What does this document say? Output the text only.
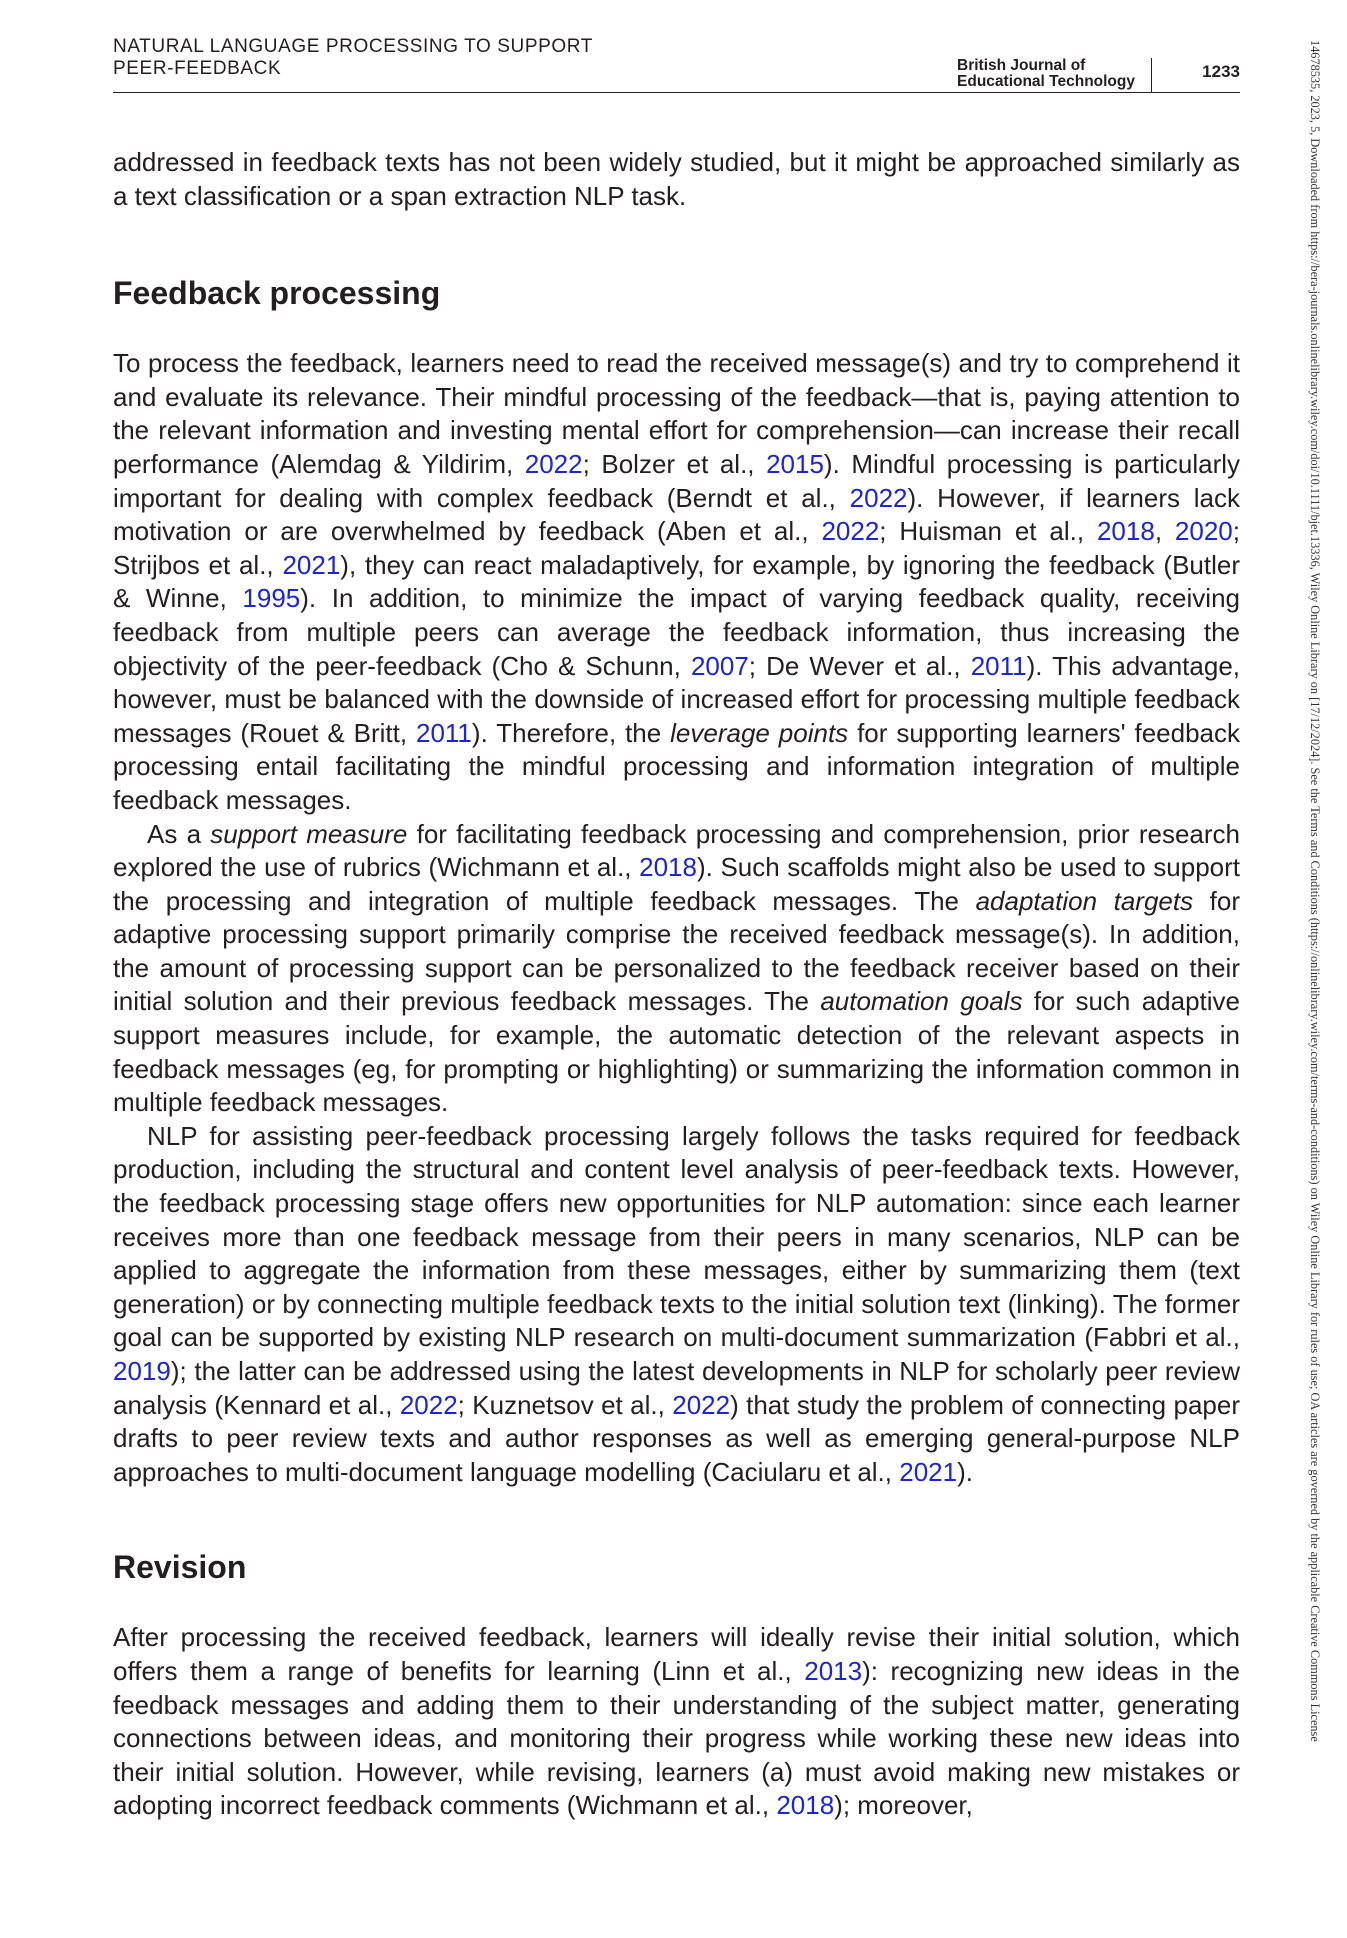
NATURAL LANGUAGE PROCESSING TO SUPPORT
PEER-FEEDBACK	British Journal of
Educational Technology
1233	14678535, 2023, 5, Downloaded from https://bera-journals.onlinelibrary.wiley.com/doi/10.1111/bjet.13336, Wiley Online Library on [17/12/2024]. See the Terms and Conditions (https://onlinelibrary.wiley.com/terms-and-conditions) on Wiley Online Library for rules of use; OA articles are governed by the applicable Creative Commons License

addressed in feedback texts has not been widely studied, but it might be approached similarly as a text classification or a span extraction NLP task.

Feedback processing

To process the feedback, learners need to read the received message(s) and try to comprehend it and evaluate its relevance. Their mindful processing of the feedback—that is, paying attention to the relevant information and investing mental effort for comprehension—can increase their recall performance (Alemdag & Yildirim, 2022; Bolzer et al., 2015). Mindful processing is particularly important for dealing with complex feedback (Berndt et al., 2022). However, if learners lack motivation or are overwhelmed by feedback (Aben et al., 2022; Huisman et al., 2018, 2020; Strijbos et al., 2021), they can react maladaptively, for example, by ignoring the feedback (Butler & Winne, 1995). In addition, to minimize the impact of varying feedback quality, receiving feedback from multiple peers can average the feedback information, thus increasing the objectivity of the peer-feedback (Cho & Schunn, 2007; De Wever et al., 2011). This advantage, however, must be balanced with the downside of increased effort for processing multiple feedback messages (Rouet & Britt, 2011). Therefore, the leverage points for supporting learners' feedback processing entail facilitating the mindful processing and information integration of multiple feedback messages.

As a support measure for facilitating feedback processing and comprehension, prior research explored the use of rubrics (Wichmann et al., 2018). Such scaffolds might also be used to support the processing and integration of multiple feedback messages. The adaptation targets for adaptive processing support primarily comprise the received feedback message(s). In addition, the amount of processing support can be personalized to the feedback receiver based on their initial solution and their previous feedback messages. The automation goals for such adaptive support measures include, for example, the automatic detection of the relevant aspects in feedback messages (eg, for prompting or highlighting) or summarizing the information common in multiple feedback messages.

NLP for assisting peer-feedback processing largely follows the tasks required for feedback production, including the structural and content level analysis of peer-feedback texts. However, the feedback processing stage offers new opportunities for NLP automation: since each learner receives more than one feedback message from their peers in many scenarios, NLP can be applied to aggregate the information from these messages, either by summarizing them (text generation) or by connecting multiple feedback texts to the initial solution text (linking). The former goal can be supported by existing NLP research on multi-document summarization (Fabbri et al., 2019); the latter can be addressed using the latest developments in NLP for scholarly peer review analysis (Kennard et al., 2022; Kuznetsov et al., 2022) that study the problem of connecting paper drafts to peer review texts and author responses as well as emerging general-purpose NLP approaches to multi-document language modelling (Caciularu et al., 2021).

Revision

After processing the received feedback, learners will ideally revise their initial solution, which offers them a range of benefits for learning (Linn et al., 2013): recognizing new ideas in the feedback messages and adding them to their understanding of the subject matter, generating connections between ideas, and monitoring their progress while working these new ideas into their initial solution. However, while revising, learners (a) must avoid making new mistakes or adopting incorrect feedback comments (Wichmann et al., 2018); moreover,
